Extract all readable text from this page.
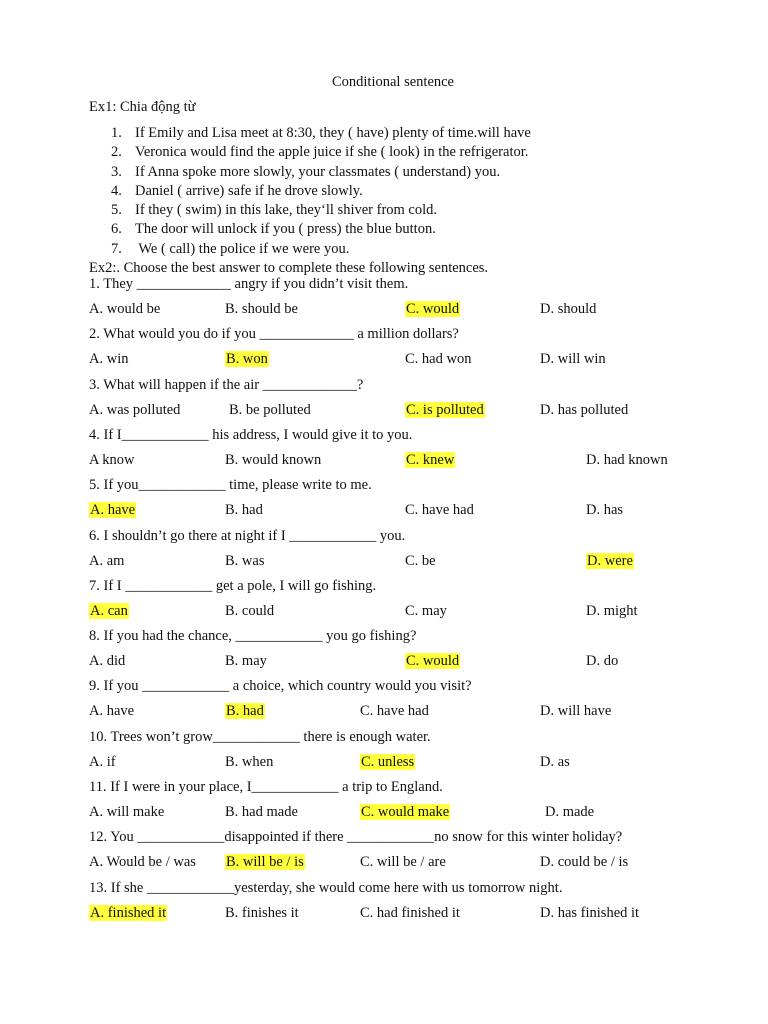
Conditional sentence
Ex1: Chia động từ
1. If Emily and Lisa meet at 8:30, they ( have) plenty of time.will have
2. Veronica would find the apple juice if she ( look) in the refrigerator.
3. If Anna spoke more slowly, your classmates ( understand) you.
4. Daniel ( arrive) safe if he drove slowly.
5. If they ( swim) in this lake, they‘ll shiver from cold.
6. The door will unlock if you ( press) the blue button.
7. We ( call) the police if we were you.
Ex2:. Choose the best answer to complete these following sentences.
1. They _____________ angry if you didn’t visit them.
A. would be	B. should be	C. would	D. should
2. What would you do if you _____________ a million dollars?
A. win	B. won	C. had won	D. will win
3. What will happen if the air _____________?
A. was polluted	B. be polluted	C. is polluted	D. has polluted
4. If I____________ his address, I would give it to you.
A know	B. would known	C. knew	D. had known
5. If you____________ time, please write to me.
A. have	B. had	C. have had	D. has
6. I shouldn’t go there at night if I ____________ you.
A. am	B. was	C. be	D. were
7. If I ____________ get a pole, I will go fishing.
A. can	B. could	C. may	D. might
8. If you had the chance, ____________ you go fishing?
A. did	B. may	C. would	D. do
9. If you ____________ a choice, which country would you visit?
A. have	B. had	C. have had	D. will have
10. Trees won’t grow____________ there is enough water.
A. if	B. when	C. unless	D. as
11. If I were in your place, I____________ a trip to England.
A. will make	B. had made	C. would make	D. made
12. You ____________disappointed if there ____________no snow for this winter holiday?
A. Would be / was B. will be / is	C. will be / are	D. could be / is
13. If she ____________yesterday, she would come here with us tomorrow night.
A. finished it	B. finishes it	C. had finished it	D. has finished it
